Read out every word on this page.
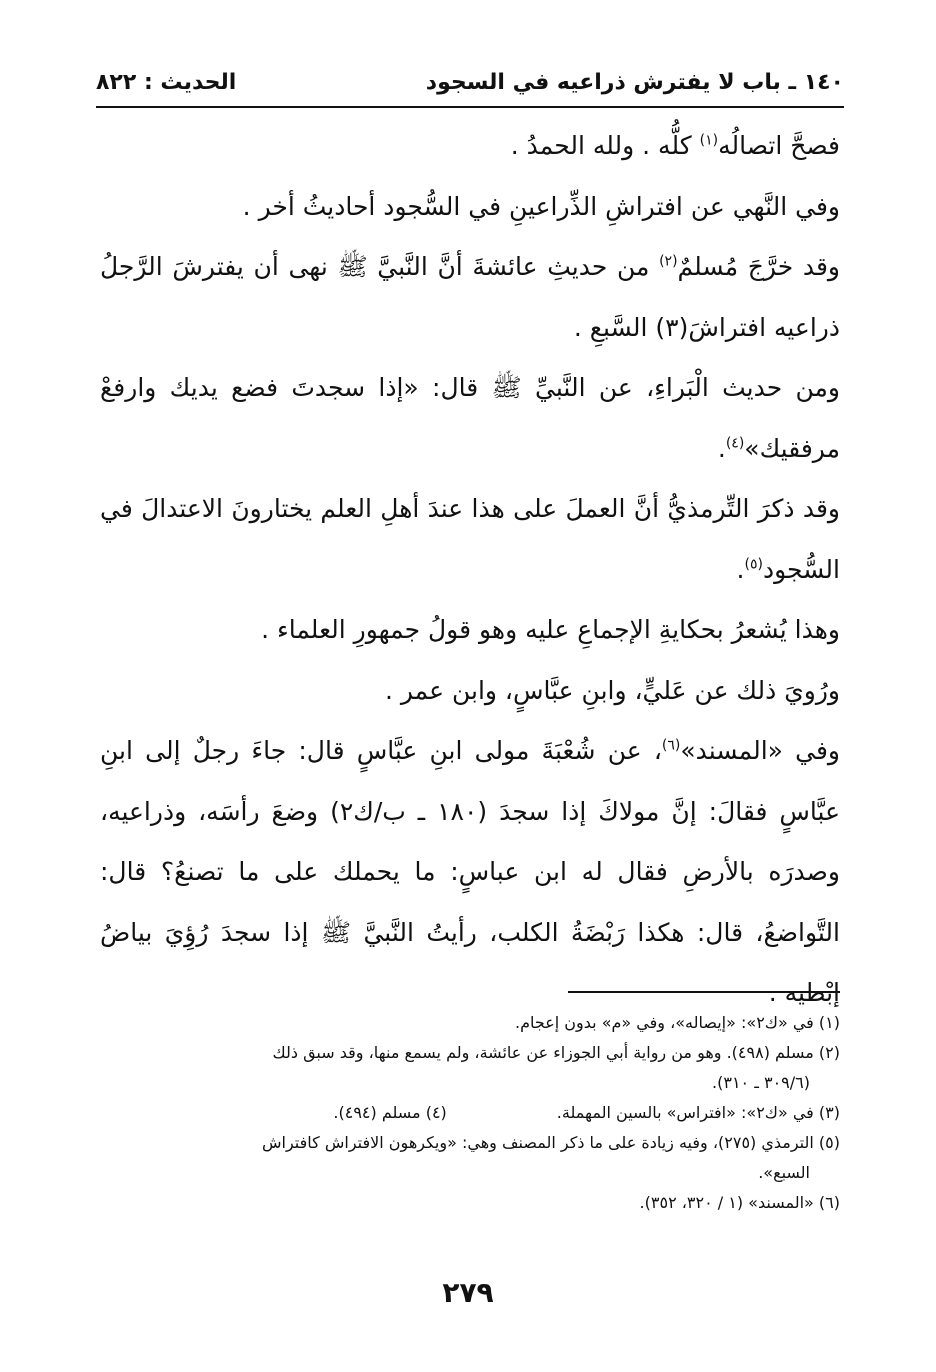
١٤٠ ـ باب لا يفترش ذراعيه في السجود
الحديث : ٨٢٢

فصحَّ اتصالُه$^{(١)}$ كلُّه . ولله الحمدُ .

وفي النَّهي عن افتراشِ الذِّراعينِ في السُّجود أحاديثُ أخر .

وقد خرَّجَ مُسلمٌ$^{(٢)}$ من حديثِ عائشةَ أنَّ النَّبيَّ ﷺ نهى أن يفترشَ الرَّجلُ ذراعيه افتراشَ(٣) السَّبعِ .

ومن حديث الْبَراءِ، عن النَّبيِّ ﷺ قال: «إذا سجدتَ فضع يديك وارفعْ مرفقيك»$^{(٤)}$.

وقد ذكرَ التِّرمذيُّ أنَّ العملَ على هذا عندَ أهلِ العلم يختارونَ الاعتدالَ في السُّجود$^{(٥)}$.

وهذا يُشعرُ بحكايةِ الإجماعِ عليه وهو قولُ جمهورِ العلماء .

ورُويَ ذلك عن عَليٍّ، وابنِ عبَّاسٍ، وابن عمر .

وفي «المسند»$^{(٦)}$، عن شُعْبَةَ مولى ابنِ عبَّاسٍ قال: جاءَ رجلٌ إلى ابنِ عبَّاسٍ فقالَ: إنَّ مولاكَ إذا سجدَ (١٨٠ ـ ب/ك٢) وضعَ رأسَه، وذراعيه، وصدرَه بالأرضِ فقال له ابن عباسٍ: ما يحملك على ما تصنعُ؟ قال: التَّواضعُ، قال: هكذا رَبْضَةُ الكلب، رأيتُ النَّبيَّ ﷺ إذا سجدَ رُؤِيَ بياضُ إبْطيه .

(١) في «ك٢»: «إيصاله»، وفي «م» بدون إعجام.

(٢) مسلم (٤٩٨). وهو من رواية أبي الجوزاء عن عائشة، ولم يسمع منها، وقد سبق ذلك

(٣٠٩/٦ ـ ٣١٠).

(٣) في «ك٢»: «افتراس» بالسين المهملة.
(٤) مسلم (٤٩٤).

(٥) الترمذي (٢٧٥)، وفيه زيادة على ما ذكر المصنف وهي: «ويكرهون الافتراش كافتراش

السبع».

(٦) «المسند» (١ / ٣٢٠، ٣٥٢).

٢٧٩
